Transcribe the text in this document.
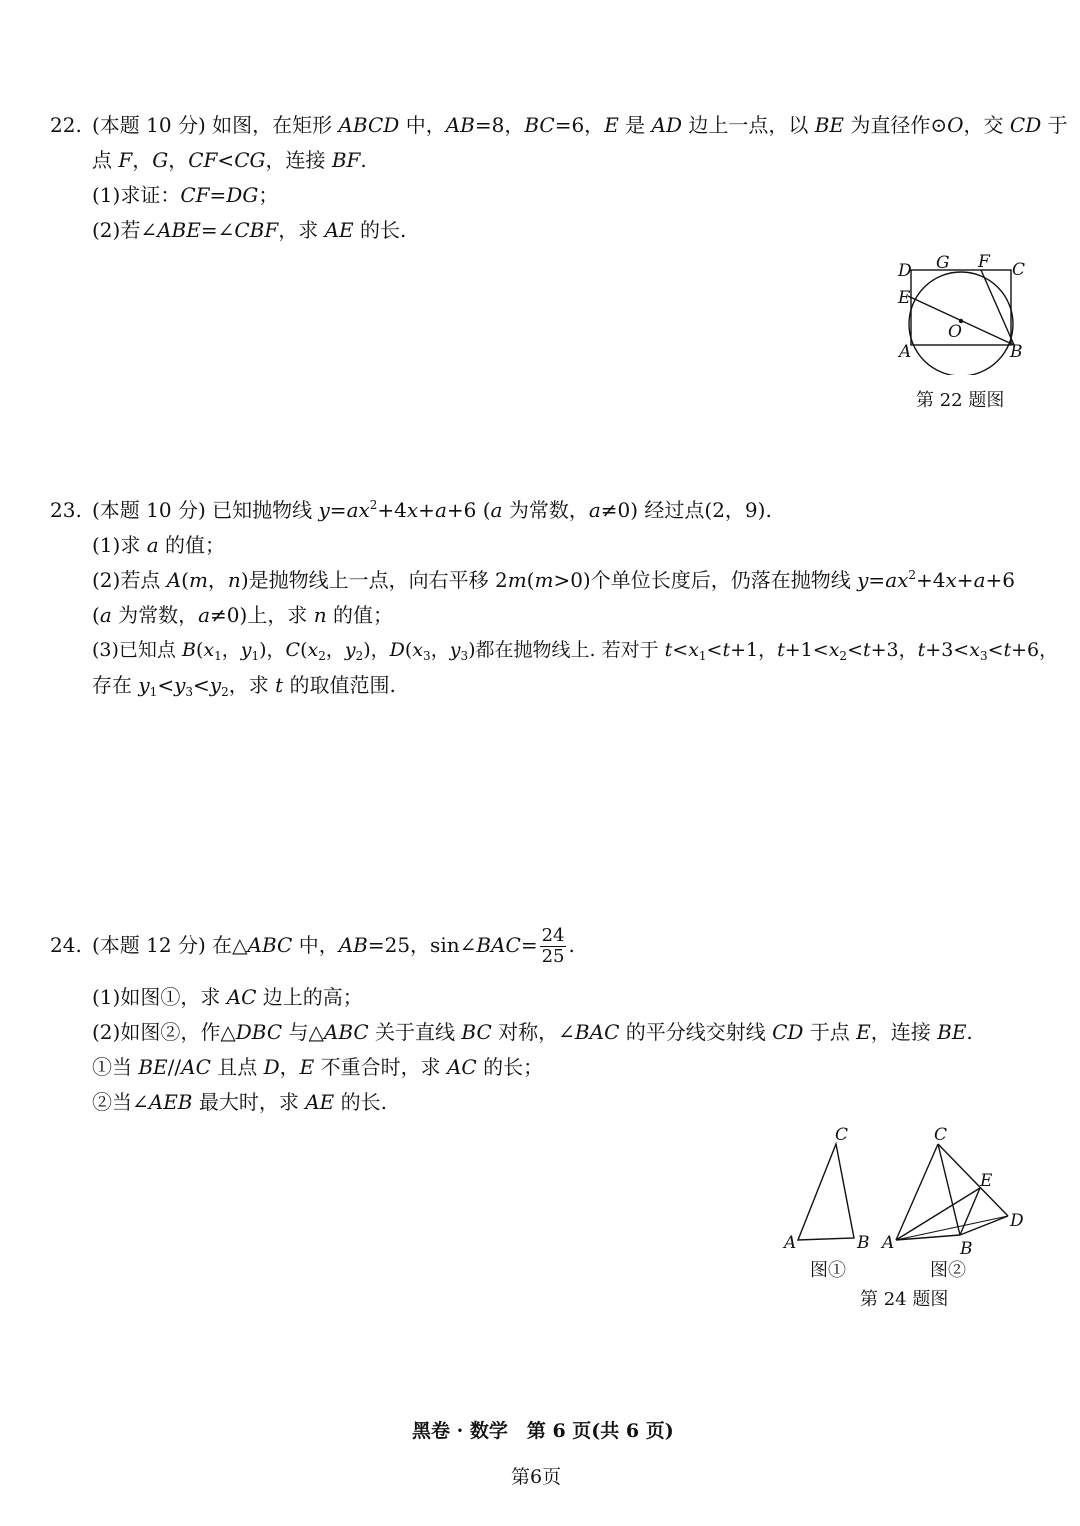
22. (本题 10 分) 如图，在矩形 ABCD 中，AB=8，BC=6，E 是 AD 边上一点，以 BE 为直径作⊙O，交 CD 于
点 F，G，CF<CG，连接 BF.
(1)求证：CF=DG；
(2)若∠ABE=∠CBF，求 AE 的长.
D G F C
E
O
A	B
第 22 题图
23. (本题 10 分) 已知抛物线 $y=ax^2+4x+a+6$ (a 为常数，a≠0) 经过点(2，9).
(1)求 a 的值；
(2)若点 A(m，n)是抛物线上一点，向右平移 2m(m>0)个单位长度后，仍落在抛物线 $y=ax^2+4x+a+6$
(a 为常数，a≠0)上，求 n 的值；
(3)已知点 $B(x_1$，$y_1$)，$C(x_2$，$y_2$)，$D(x_3$，$y_3$)都在抛物线上. 若对于 $t<x_1<t+1$，$t+1<x_2<t+3$，$t+3<x_3<t+6$，
存在 $y_1<y_3<y_2$，求 t 的取值范围.
24. (本题 12 分) 在△ABC 中，AB=25，sin∠BAC= $\frac{24}{25}$ .
(1)如图①，求 AC 边上的高；
(2)如图②，作△DBC 与△ABC 关于直线 BC 对称，∠BAC 的平分线交射线 CD 于点 E，连接 BE.
①当 BE//AC 且点 D，E 不重合时，求 AC 的长；
②当∠AEB 最大时，求 AE 的长.
C
A	B
图①
C
E
D
A	B
图②
第 24 题图
黑卷 · 数学　第 6 页(共 6 页)
第6页
